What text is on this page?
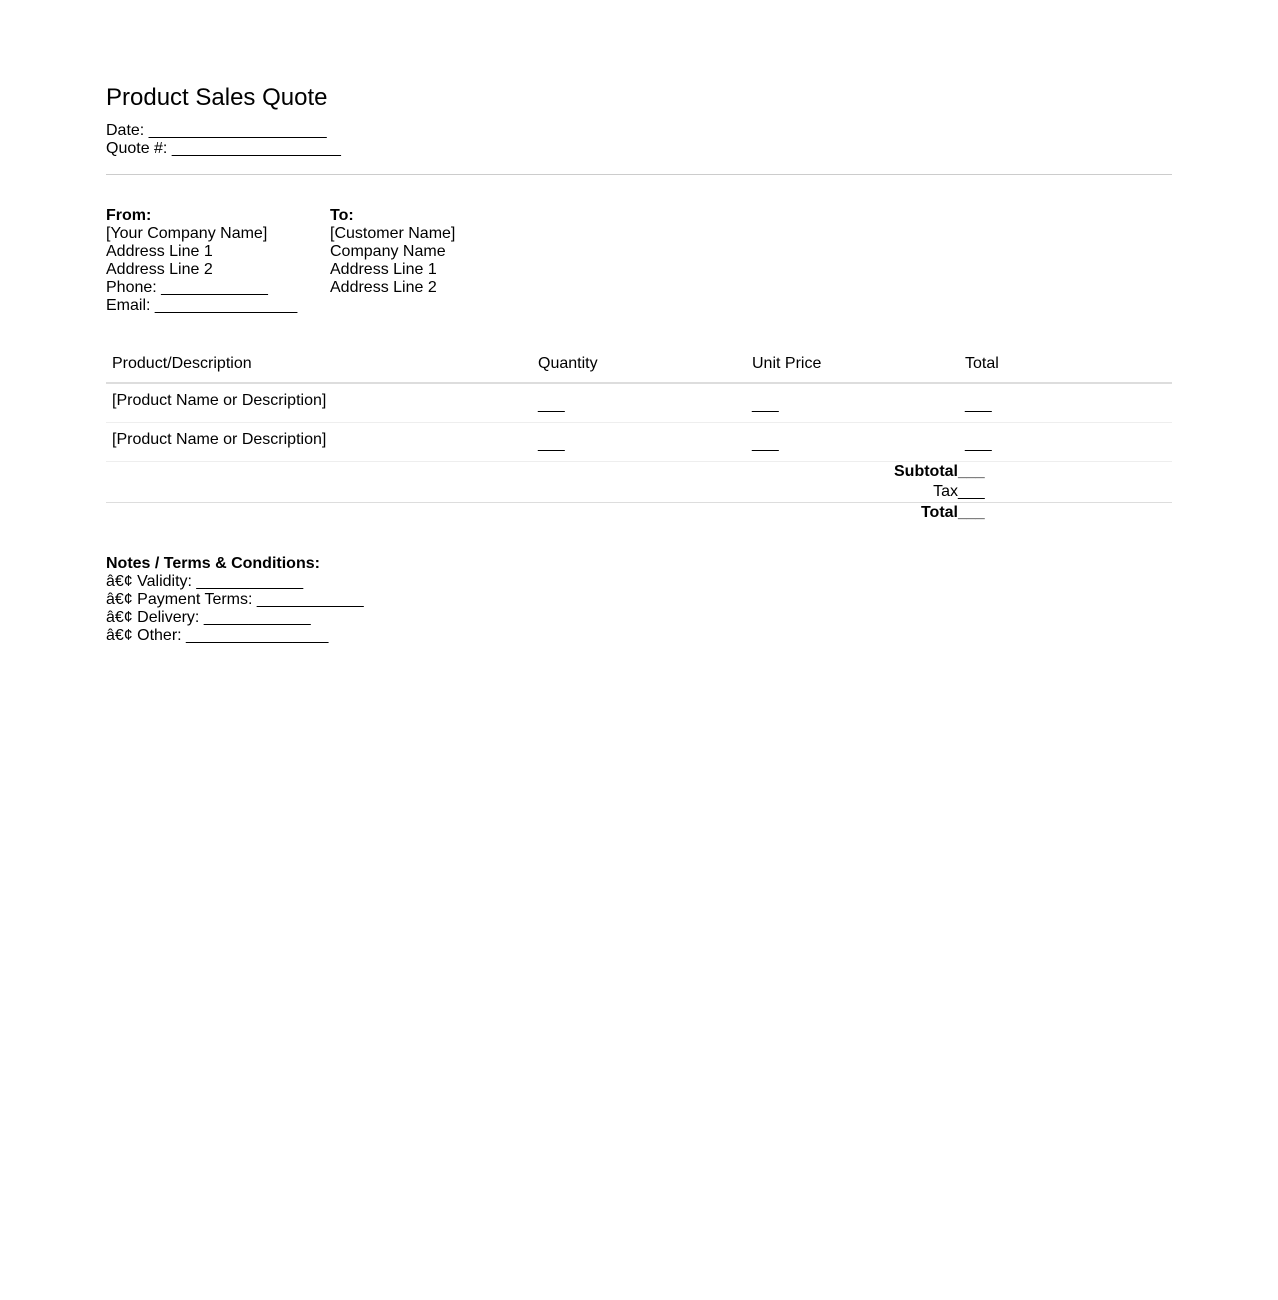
Product Sales Quote
Date: ____________________
Quote #: ___________________
From:
[Your Company Name]
Address Line 1
Address Line 2
Phone: ____________
Email: ________________
To:
[Customer Name]
Company Name
Address Line 1
Address Line 2
Product/Description	Quantity	Unit Price	Total
[Product Name or Description]	___	___	___
[Product Name or Description]	___	___	___
Subtotal ___
Tax ___
Total ___
Notes / Terms & Conditions:
â€¢ Validity: ____________
â€¢ Payment Terms: ____________
â€¢ Delivery: ____________
â€¢ Other: ________________
